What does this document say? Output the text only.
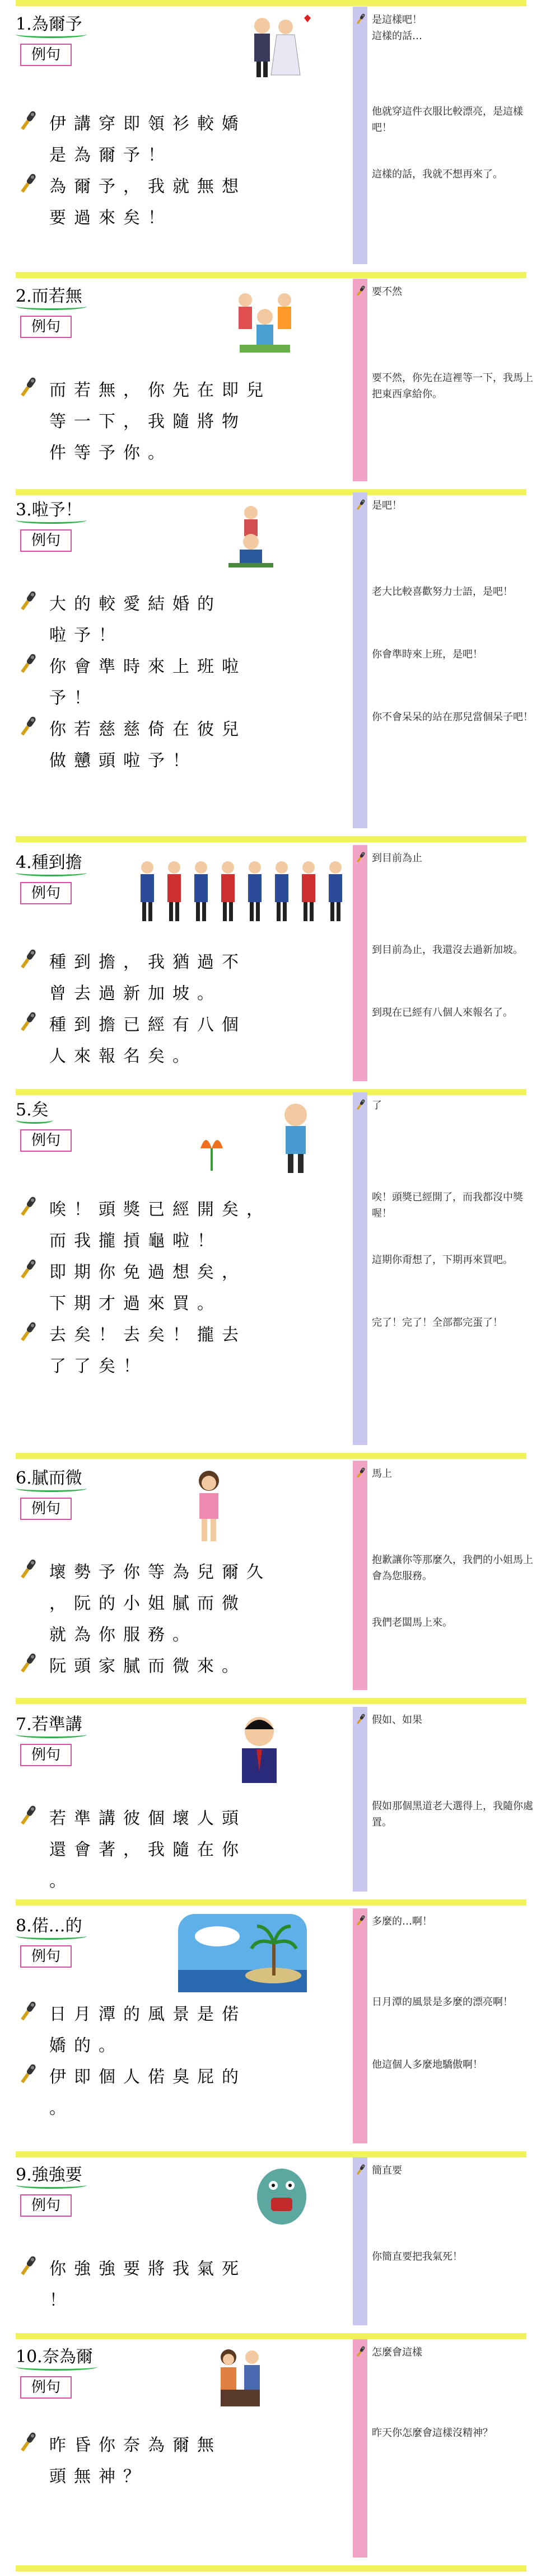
1.為爾予
例句
伊講穿即領衫較嬌
是為爾予！
為爾予，我就無想
要過來矣！
是這樣吧！
這樣的話…
他就穿這件衣服比較漂亮，是這樣吧！
這樣的話，我就不想再來了。
2.而若無
例句
而若無，你先在即兒
等一下，我隨將物
件等予你。
要不然
要不然，你先在這裡等一下，我馬上把東西拿給你。
3.啦予！
例句
大的較愛結婚的
啦予！
你會準時來上班啦
予！
你若慈慈倚在彼兒
做戇頭啦予！
是吧！
老大比較喜歡努力士語，是吧！
你會準時來上班，是吧！
你不會呆呆的站在那兒當個呆子吧！
4.種到擔
例句
種到擔，我猶過不
曾去過新加坡。
種到擔已經有八個
人來報名矣。
到目前為止
到目前為止，我還沒去過新加坡。
到現在已經有八個人來報名了。
5.矣
例句
唉！頭獎已經開矣，
而我攏摃龜啦！
即期你免過想矣，
下期才過來買。
去矣！去矣！攏去
了了矣！
了
唉！頭獎已經開了，而我都沒中獎喔！
這期你甭想了，下期再來買吧。
完了！完了！全部都完蛋了！
6.膩而微
例句
壞勢予你等為兒爾久
，阮的小姐膩而微
就為你服務。
阮頭家膩而微來。
馬上
抱歉讓你等那麼久，我們的小姐馬上會為您服務。
我們老闆馬上來。
7.若準講
例句
若準講彼個壞人頭
還會著，我隨在你
。
假如、如果
假如那個黑道老大選得上，我隨你處置。
8.偌…的
例句
日月潭的風景是偌
嬌的。
伊即個人偌臭屁的
。
多麼的…啊！
日月潭的風景是多麼的漂亮啊！
他這個人多麼地驕傲啊！
9.強強要
例句
你強強要將我氣死
！
簡直要
你簡直要把我氣死！
10.奈為爾
例句
昨昏你奈為爾無
頭無神？
怎麼會這樣
昨天你怎麼會這樣沒精神？
